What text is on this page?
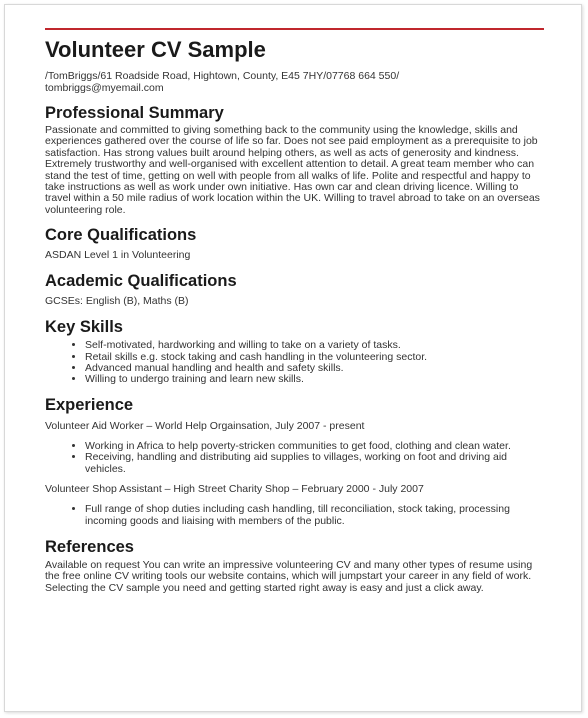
Volunteer CV Sample
/TomBriggs/61 Roadside Road, Hightown, County, E45 7HY/07768 664 550/
tombriggs@myemail.com
Professional Summary

Passionate and committed to giving something back to the community using the knowledge, skills and experiences gathered over the course of life so far. Does not see paid employment as a prerequisite to job satisfaction. Has strong values built around helping others, as well as acts of generosity and kindness. Extremely trustworthy and well-organised with excellent attention to detail. A great team member who can stand the test of time, getting on well with people from all walks of life. Polite and respectful and happy to take instructions as well as work under own initiative. Has own car and clean driving licence. Willing to travel within a 50 mile radius of work location within the UK. Willing to travel abroad to take on an overseas volunteering role.

Core Qualifications

ASDAN Level 1 in Volunteering

Academic Qualifications

GCSEs: English (B), Maths (B)

Key Skills
• Self-motivated, hardworking and willing to take on a variety of tasks.
• Retail skills e.g. stock taking and cash handling in the volunteering sector.
• Advanced manual handling and health and safety skills.
• Willing to undergo training and learn new skills.
Experience

Volunteer Aid Worker – World Help Orgainsation, July 2007 - present

• Working in Africa to help poverty-stricken communities to get food, clothing and clean water.
• Receiving, handling and distributing aid supplies to villages, working on foot and driving aid vehicles.

Volunteer Shop Assistant – High Street Charity Shop – February 2000 - July 2007

• Full range of shop duties including cash handling, till reconciliation, stock taking, processing incoming goods and liaising with members of the public.
References

Available on request You can write an impressive volunteering CV and many other types of resume using the free online CV writing tools our website contains, which will jumpstart your career in any field of work. Selecting the CV sample you need and getting started right away is easy and just a click away.
